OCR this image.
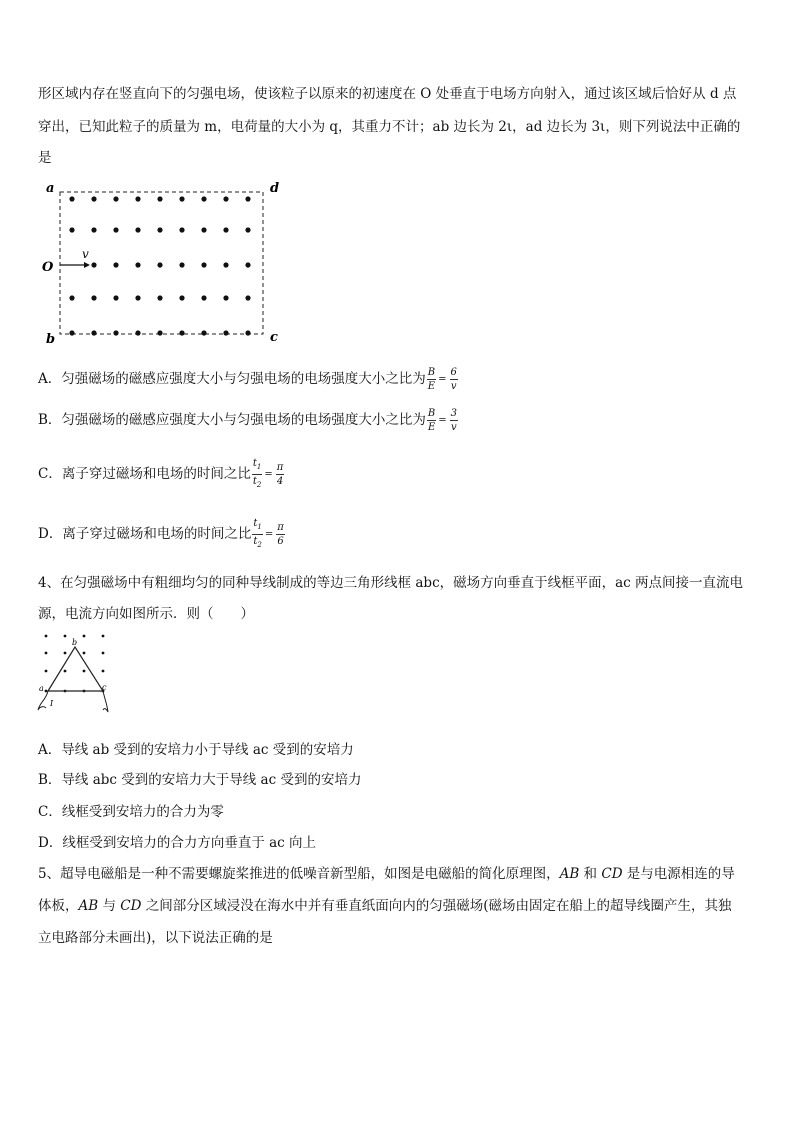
形区域内存在竖直向下的匀强电场，使该粒子以原来的初速度在 O 处垂直于电场方向射入，通过该区域后恰好从 d 点
穿出，已知此粒子的质量为 m，电荷量的大小为 q，其重力不计；ab 边长为 2ι，ad 边长为 3ι，则下列说法中正确的
是
a	d
O
v
b	c
A．匀强磁场的磁感应强度大小与匀强电场的电场强度大小之比为 $\frac{B}{E} = \frac{6}{v}$
B．匀强磁场的磁感应强度大小与匀强电场的电场强度大小之比为 $\frac{B}{E} = \frac{3}{v}$
C．离子穿过磁场和电场的时间之比 $\frac{t_1}{t_2} = \frac{\pi}{4}$
D．离子穿过磁场和电场的时间之比 $\frac{t_1}{t_2} = \frac{\pi}{6}$
4、在匀强磁场中有粗细均匀的同种导线制成的等边三角形线框 abc，磁场方向垂直于线框平面，ac 两点间接一直流电
源，电流方向如图所示．则（　　）
b
a	c
I
A．导线 ab 受到的安培力小于导线 ac 受到的安培力
B．导线 abc 受到的安培力大于导线 ac 受到的安培力
C．线框受到安培力的合力为零
D．线框受到安培力的合力方向垂直于 ac 向上
5、超导电磁船是一种不需要螺旋桨推进的低噪音新型船，如图是电磁船的简化原理图，AB 和 CD 是与电源相连的导
体板，AB 与 CD 之间部分区域浸没在海水中并有垂直纸面向内的匀强磁场(磁场由固定在船上的超导线圈产生，其独
立电路部分未画出)，以下说法正确的是
